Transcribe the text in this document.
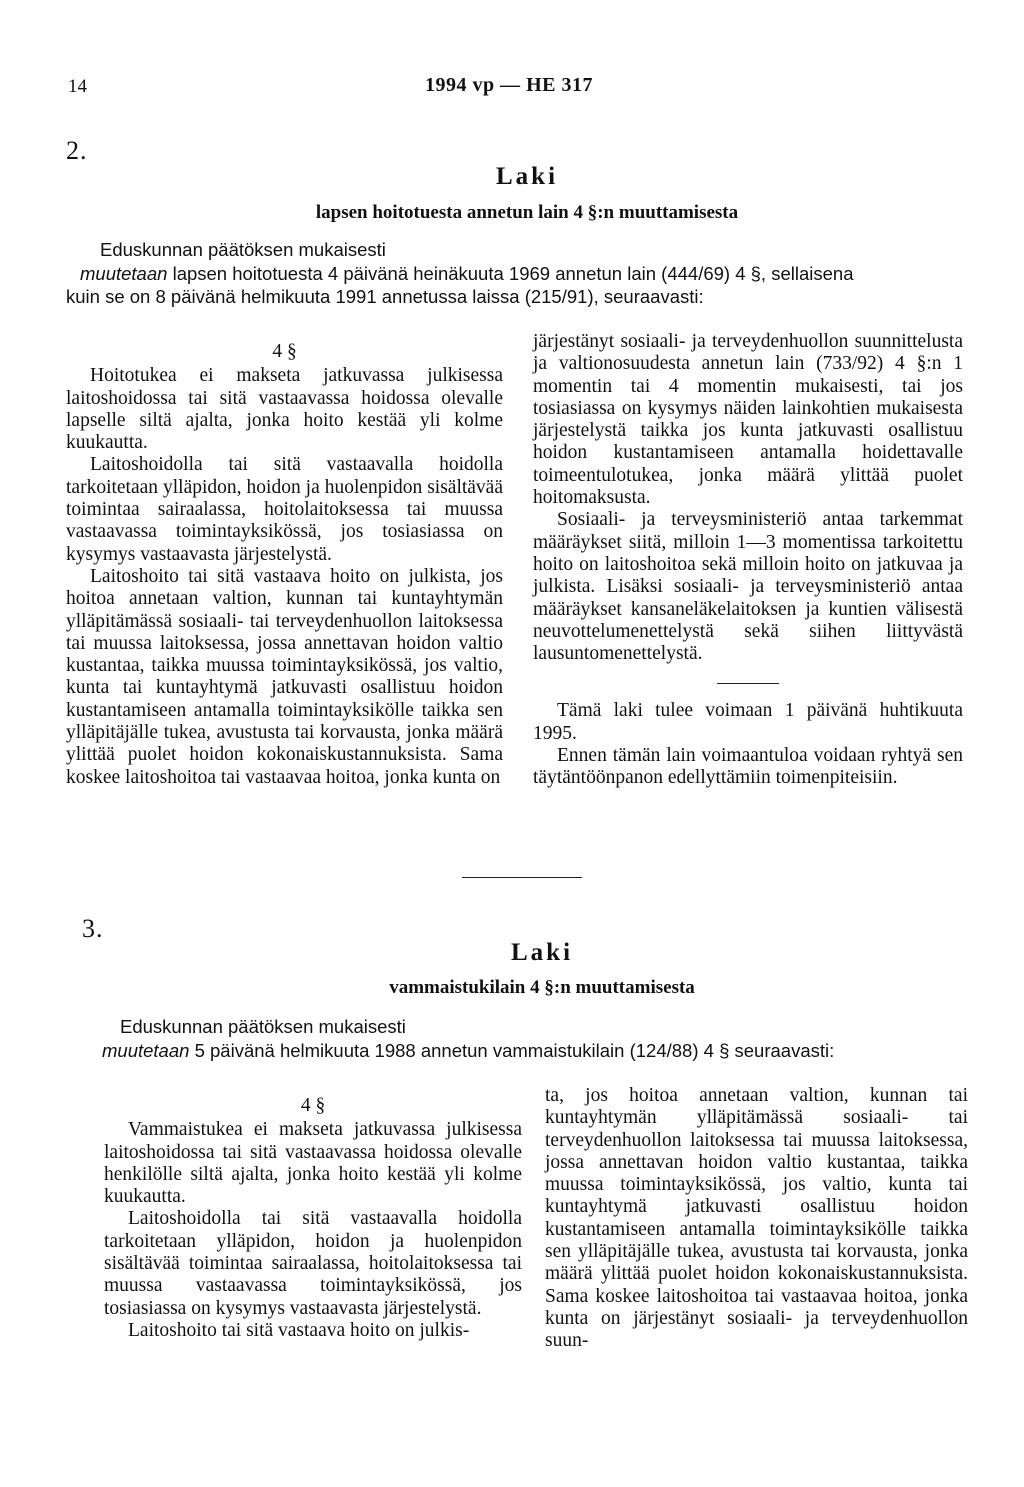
14	1994 vp — HE 317
2.
Laki
lapsen hoitotuesta annetun lain 4 §:n muuttamisesta
Eduskunnan päätöksen mukaisesti
muutetaan lapsen hoitotuesta 4 päivänä heinäkuuta 1969 annetun lain (444/69) 4 §, sellaisena
kuin se on 8 päivänä helmikuuta 1991 annetussa laissa (215/91), seuraavasti:

4 §

Hoitotukea ei makseta jatkuvassa julkisessa laitoshoidossa tai sitä vastaavassa hoidossa olevalle lapselle siltä ajalta, jonka hoito kestää yli kolme kuukautta.

Laitoshoidolla tai sitä vastaavalla hoidolla tarkoitetaan ylläpidon, hoidon ja huolenpidon sisältävää toimintaa sairaalassa, hoitolaitoksessa tai muussa vastaavassa toimintayksikössä, jos tosiasiassa on kysymys vastaavasta järjestelystä.

Laitoshoito tai sitä vastaava hoito on julkista, jos hoitoa annetaan valtion, kunnan tai kuntayhtymän ylläpitämässä sosiaali- tai terveydenhuollon laitoksessa tai muussa laitoksessa, jossa annettavan hoidon valtio kustantaa, taikka muussa toimintayksikössä, jos valtio, kunta tai kuntayhtymä jatkuvasti osallistuu hoidon kustantamiseen antamalla toimintayksikölle taikka sen ylläpitäjälle tukea, avustusta tai korvausta, jonka määrä ylittää puolet hoidon kokonaiskustannuksista. Sama koskee laitoshoitoa tai vastaavaa hoitoa, jonka kunta on

järjestänyt sosiaali- ja terveydenhuollon suunnittelusta ja valtionosuudesta annetun lain (733/92) 4 §:n 1 momentin tai 4 momentin mukaisesti, tai jos tosiasiassa on kysymys näiden lainkohtien mukaisesta järjestelystä taikka jos kunta jatkuvasti osallistuu hoidon kustantamiseen antamalla hoidettavalle toimeentulotukea, jonka määrä ylittää puolet hoitomaksusta.

Sosiaali- ja terveysministeriö antaa tarkemmat määräykset siitä, milloin 1—3 momentissa tarkoitettu hoito on laitoshoitoa sekä milloin hoito on jatkuvaa ja julkista. Lisäksi sosiaali- ja terveysministeriö antaa määräykset kansaneläkelaitoksen ja kuntien välisestä neuvottelumenettelystä sekä siihen liittyvästä lausuntomenettelystä.

Tämä laki tulee voimaan 1 päivänä huhtikuuta 1995.

Ennen tämän lain voimaantuloa voidaan ryhtyä sen täytäntöönpanon edellyttämiin toimenpiteisiin.

3.
Laki
vammaistukilain 4 §:n muuttamisesta
Eduskunnan päätöksen mukaisesti
muutetaan 5 päivänä helmikuuta 1988 annetun vammaistukilain (124/88) 4 § seuraavasti:

4 §

Vammaistukea ei makseta jatkuvassa julkisessa laitoshoidossa tai sitä vastaavassa hoidossa olevalle henkilölle siltä ajalta, jonka hoito kestää yli kolme kuukautta.

Laitoshoidolla tai sitä vastaavalla hoidolla tarkoitetaan ylläpidon, hoidon ja huolenpidon sisältävää toimintaa sairaalassa, hoitolaitoksessa tai muussa vastaavassa toimintayksikössä, jos tosiasiassa on kysymys vastaavasta järjestelystä.

Laitoshoito tai sitä vastaava hoito on julkis-

ta, jos hoitoa annetaan valtion, kunnan tai kuntayhtymän ylläpitämässä sosiaali- tai terveydenhuollon laitoksessa tai muussa laitoksessa, jossa annettavan hoidon valtio kustantaa, taikka muussa toimintayksikössä, jos valtio, kunta tai kuntayhtymä jatkuvasti osallistuu hoidon kustantamiseen antamalla toimintayksikölle taikka sen ylläpitäjälle tukea, avustusta tai korvausta, jonka määrä ylittää puolet hoidon kokonaiskustannuksista. Sama koskee laitoshoitoa tai vastaavaa hoitoa, jonka kunta on järjestänyt sosiaali- ja terveydenhuollon suun-
